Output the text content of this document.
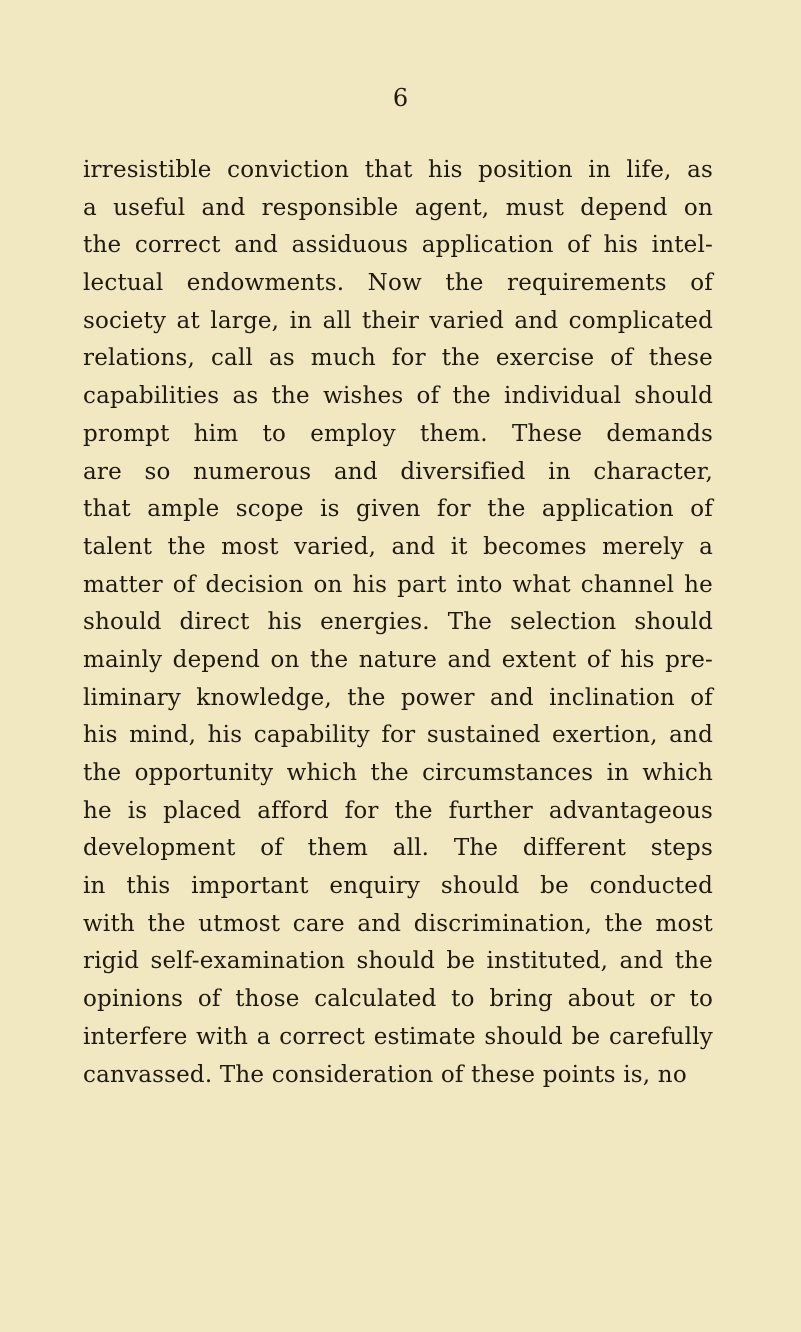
6
irresistible conviction that his position in life, as
a useful and responsible agent, must depend on
the correct and assiduous application of his intel-
lectual endowments. Now the requirements of
society at large, in all their varied and complicated
relations, call as much for the exercise of these
capabilities as the wishes of the individual should
prompt him to employ them. These demands
are so numerous and diversified in character,
that ample scope is given for the application of
talent the most varied, and it becomes merely a
matter of decision on his part into what channel he
should direct his energies. The selection should
mainly depend on the nature and extent of his pre-
liminary knowledge, the power and inclination of
his mind, his capability for sustained exertion, and
the opportunity which the circumstances in which
he is placed afford for the further advantageous
development of them all. The different steps
in this important enquiry should be conducted
with the utmost care and discrimination, the most
rigid self-examination should be instituted, and the
opinions of those calculated to bring about or to
interfere with a correct estimate should be carefully
canvassed. The consideration of these points is, no
